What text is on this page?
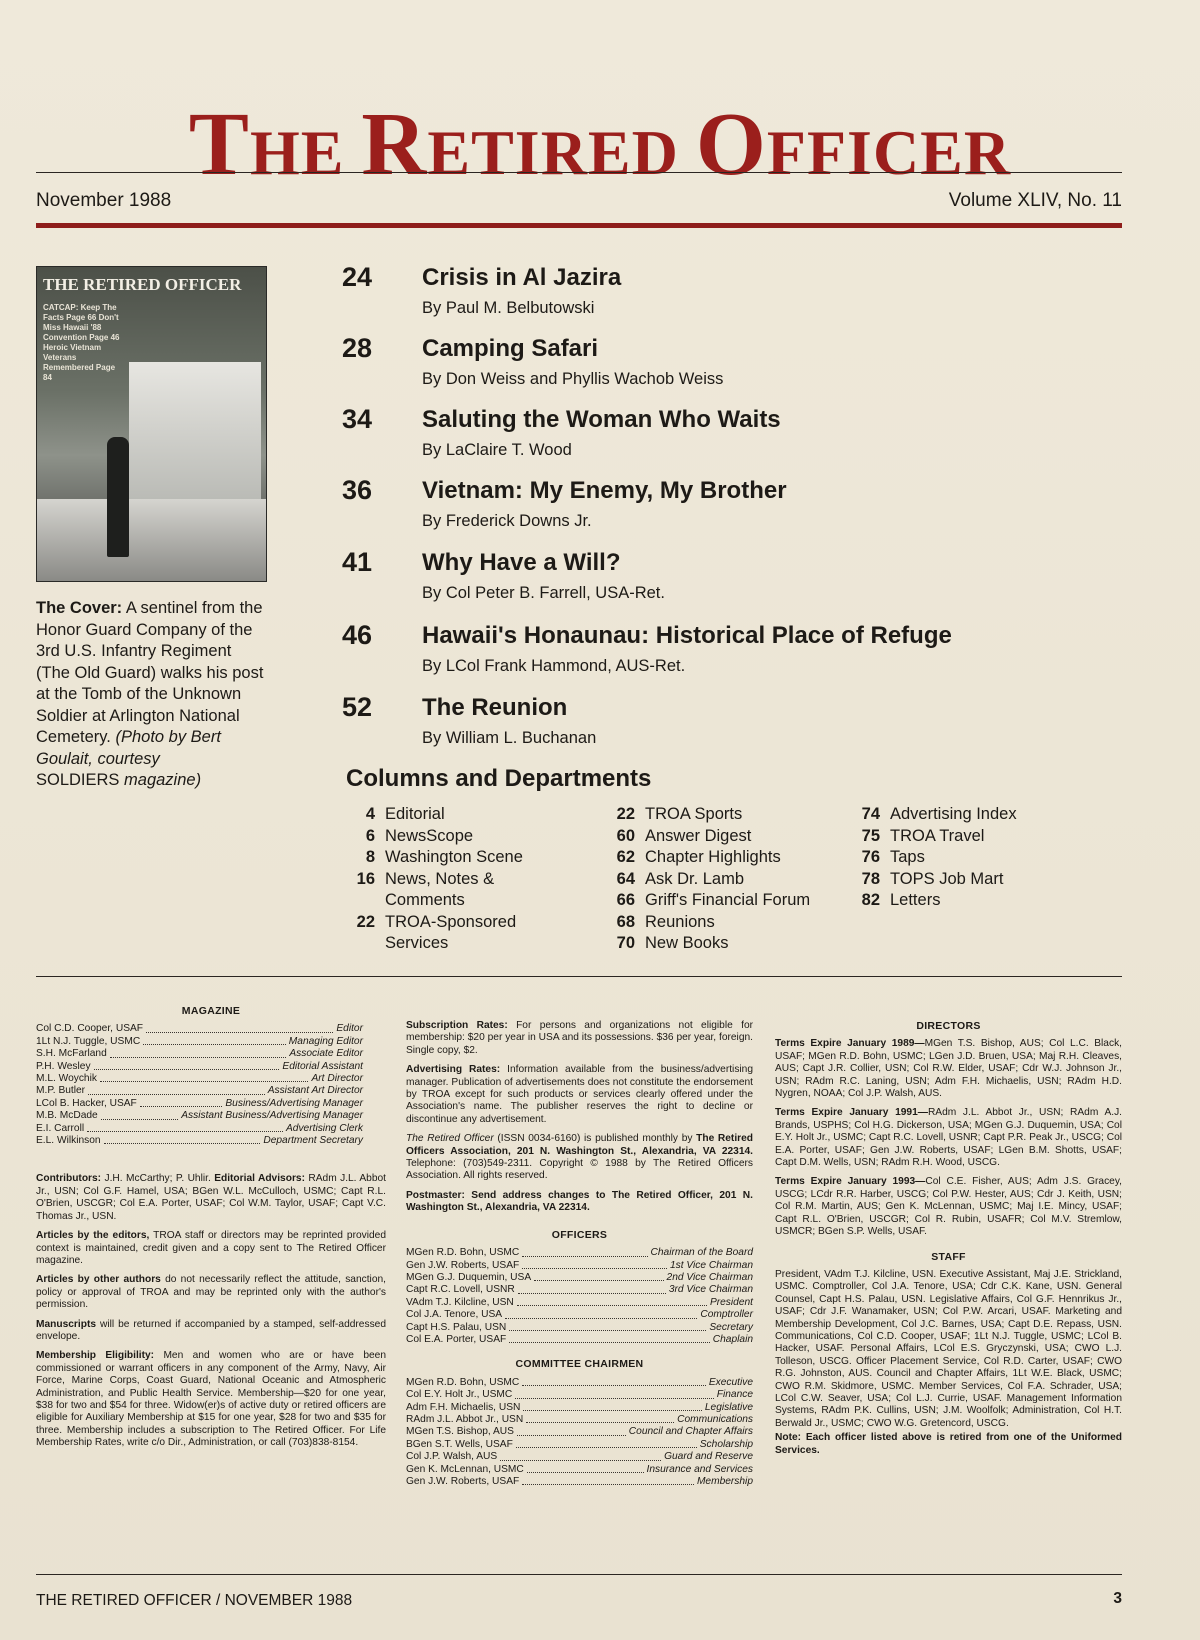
THE RETIRED OFFICER
November 1988	Volume XLIV, No. 11
THE RETIRED OFFICER
CATCAP: Keep The Facts Page 66 Don't Miss Hawaii '88 Convention Page 46 Heroic Vietnam Veterans Remembered Page 84
The Cover: A sentinel from the Honor Guard Company of the 3rd U.S. Infantry Regiment (The Old Guard) walks his post at the Tomb of the Unknown Soldier at Arlington National Cemetery. (Photo by Bert Goulait, courtesy
SOLDIERS magazine)
24	Crisis in Al Jazira
By Paul M. Belbutowski
28	Camping Safari
By Don Weiss and Phyllis Wachob Weiss
34	Saluting the Woman Who Waits
By LaClaire T. Wood
36	Vietnam: My Enemy, My Brother
By Frederick Downs Jr.
41	Why Have a Will?
By Col Peter B. Farrell, USA-Ret.
46	Hawaii's Honaunau: Historical Place of Refuge
By LCol Frank Hammond, AUS-Ret.
52	The Reunion
By William L. Buchanan
Columns and Departments
4 Editorial
6 NewsScope
8 Washington Scene
16 News, Notes &
Comments
22 TROA-Sponsored
Services
22 TROA Sports
60 Answer Digest
62 Chapter Highlights
64 Ask Dr. Lamb
66 Griff's Financial Forum
68 Reunions
70 New Books
74 Advertising Index
75 TROA Travel
76 Taps
78 TOPS Job Mart
82 Letters
MAGAZINE
Col C.D. Cooper, USAF	Editor
1Lt N.J. Tuggle, USMC	Managing Editor
S.H. McFarland	Associate Editor
P.H. Wesley	Editorial Assistant
M.L. Woychik	Art Director
M.P. Butler	Assistant Art Director
LCol B. Hacker, USAF	Business/Advertising Manager
M.B. McDade	Assistant Business/Advertising Manager
E.I. Carroll	Advertising Clerk
E.L. Wilkinson	Department Secretary

Contributors: J.H. McCarthy; P. Uhlir. Editorial Advisors: RAdm J.L. Abbot Jr., USN; Col G.F. Hamel, USA; BGen W.L. McCulloch, USMC; Capt R.L. O'Brien, USCGR; Col E.A. Porter, USAF; Col W.M. Taylor, USAF; Capt V.C. Thomas Jr., USN.

Articles by the editors, TROA staff or directors may be reprinted provided context is maintained, credit given and a copy sent to The Retired Officer magazine.

Articles by other authors do not necessarily reflect the attitude, sanction, policy or approval of TROA and may be reprinted only with the author's permission.

Manuscripts will be returned if accompanied by a stamped, self-addressed envelope.

Membership Eligibility: Men and women who are or have been commissioned or warrant officers in any component of the Army, Navy, Air Force, Marine Corps, Coast Guard, National Oceanic and Atmospheric Administration, and Public Health Service. Membership—$20 for one year, $38 for two and $54 for three. Widow(er)s of active duty or retired officers are eligible for Auxiliary Membership at $15 for one year, $28 for two and $35 for three. Membership includes a subscription to The Retired Officer. For Life Membership Rates, write c/o Dir., Administration, or call (703)838-8154.

Subscription Rates: For persons and organizations not eligible for membership: $20 per year in USA and its possessions. $36 per year, foreign. Single copy, $2.

Advertising Rates: Information available from the business/advertising manager. Publication of advertisements does not constitute the endorsement by TROA except for such products or services clearly offered under the Association's name. The publisher reserves the right to decline or discontinue any advertisement.

The Retired Officer (ISSN 0034-6160) is published monthly by The Retired Officers Association, 201 N. Washington St., Alexandria, VA 22314. Telephone: (703)549-2311. Copyright © 1988 by The Retired Officers Association. All rights reserved.

Postmaster: Send address changes to The Retired Officer, 201 N. Washington St., Alexandria, VA 22314.

OFFICERS
MGen R.D. Bohn, USMC	Chairman of the Board
Gen J.W. Roberts, USAF	1st Vice Chairman
MGen G.J. Duquemin, USA	2nd Vice Chairman
Capt R.C. Lovell, USNR	3rd Vice Chairman
VAdm T.J. Kilcline, USN	President
Col J.A. Tenore, USA	Comptroller
Capt H.S. Palau, USN	Secretary
Col E.A. Porter, USAF	Chaplain
COMMITTEE CHAIRMEN
MGen R.D. Bohn, USMC	Executive
Col E.Y. Holt Jr., USMC	Finance
Adm F.H. Michaelis, USN	Legislative
RAdm J.L. Abbot Jr., USN	Communications
MGen T.S. Bishop, AUS	Council and Chapter Affairs
BGen S.T. Wells, USAF	Scholarship
Col J.P. Walsh, AUS	Guard and Reserve
Gen K. McLennan, USMC	Insurance and Services
Gen J.W. Roberts, USAF	Membership
DIRECTORS

Terms Expire January 1989—MGen T.S. Bishop, AUS; Col L.C. Black, USAF; MGen R.D. Bohn, USMC; LGen J.D. Bruen, USA; Maj R.H. Cleaves, AUS; Capt J.R. Collier, USN; Col R.W. Elder, USAF; Cdr W.J. Johnson Jr., USN; RAdm R.C. Laning, USN; Adm F.H. Michaelis, USN; RAdm H.D. Nygren, NOAA; Col J.P. Walsh, AUS.

Terms Expire January 1991—RAdm J.L. Abbot Jr., USN; RAdm A.J. Brands, USPHS; Col H.G. Dickerson, USA; MGen G.J. Duquemin, USA; Col E.Y. Holt Jr., USMC; Capt R.C. Lovell, USNR; Capt P.R. Peak Jr., USCG; Col E.A. Porter, USAF; Gen J.W. Roberts, USAF; LGen B.M. Shotts, USAF; Capt D.M. Wells, USN; RAdm R.H. Wood, USCG.

Terms Expire January 1993—Col C.E. Fisher, AUS; Adm J.S. Gracey, USCG; LCdr R.R. Harber, USCG; Col P.W. Hester, AUS; Cdr J. Keith, USN; Col R.M. Martin, AUS; Gen K. McLennan, USMC; Maj I.E. Mincy, USAF; Capt R.L. O'Brien, USCGR; Col R. Rubin, USAFR; Col M.V. Stremlow, USMCR; BGen S.P. Wells, USAF.

STAFF

President, VAdm T.J. Kilcline, USN. Executive Assistant, Maj J.E. Strickland, USMC. Comptroller, Col J.A. Tenore, USA; Cdr C.K. Kane, USN. General Counsel, Capt H.S. Palau, USN. Legislative Affairs, Col G.F. Hennrikus Jr., USAF; Cdr J.F. Wanamaker, USN; Col P.W. Arcari, USAF. Marketing and Membership Development, Col J.C. Barnes, USA; Capt D.E. Repass, USN. Communications, Col C.D. Cooper, USAF; 1Lt N.J. Tuggle, USMC; LCol B. Hacker, USAF. Personal Affairs, LCol E.S. Gryczynski, USA; CWO L.J. Tolleson, USCG. Officer Placement Service, Col R.D. Carter, USAF; CWO R.G. Johnston, AUS. Council and Chapter Affairs, 1Lt W.E. Black, USMC; CWO R.M. Skidmore, USMC. Member Services, Col F.A. Schrader, USA; LCol C.W. Seaver, USA; Col L.J. Currie, USAF. Management Information Systems, RAdm P.K. Cullins, USN; J.M. Woolfolk; Administration, Col H.T. Berwald Jr., USMC; CWO W.G. Gretencord, USCG.

Note: Each officer listed above is retired from one of the Uniformed Services.

THE RETIRED OFFICER / NOVEMBER 1988	3
